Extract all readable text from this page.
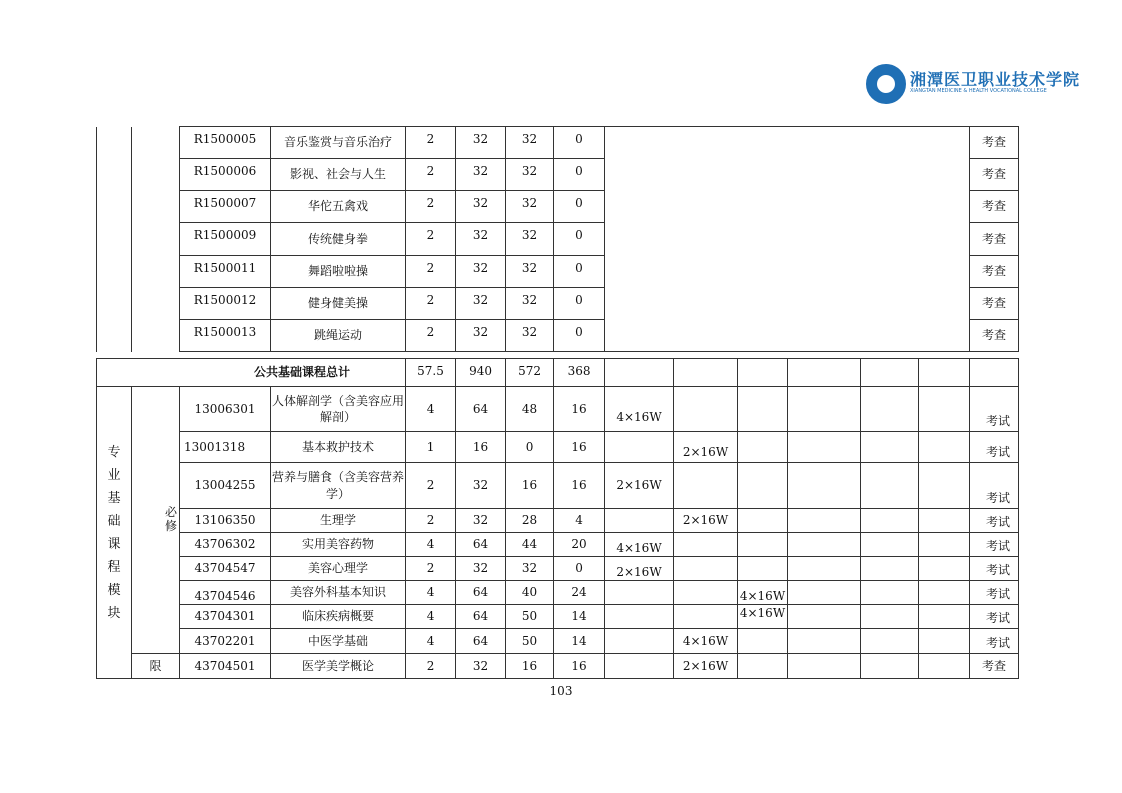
湘潭医卫职业技术学院
XIANGTAN MEDICINE & HEALTH VOCATIONAL COLLEGE
		R1500005	音乐鉴赏与音乐治疗	2	32	32	0		考查
		R1500006	影视、社会与人生	2	32	32	0		考查
		R1500007	华佗五禽戏	2	32	32	0		考查
		R1500009	传统健身拳	2	32	32	0		考查
		R1500011	舞蹈啦啦操	2	32	32	0		考查
		R1500012	健身健美操	2	32	32	0		考查
		R1500013	跳绳运动	2	32	32	0		考查
公共基础课程总计				57.5	940	572	368							
专业基础课程模块	必修	13006301	人体解剖学（含美容应用解剖）	4	64	48	16	4×16W						考试
		13001318	基本救护技术	1	16	0	16		2×16W					考试
		13004255	营养与膳食（含美容营养学）	2	32	16	16	2×16W						考试
		13106350	生理学	2	32	28	4		2×16W					考试
		43706302	实用美容药物	4	64	44	20	4×16W						考试
		43704547	美容心理学	2	32	32	0	2×16W						考试
		43704546	美容外科基本知识	4	64	40	24			4×16W				考试
		43704301	临床疾病概要	4	64	50	14			4×16W				考试
		43702201	中医学基础	4	64	50	14		4×16W					考试
	限	43704501	医学美学概论	2	32	16	16		2×16W					考查
103
